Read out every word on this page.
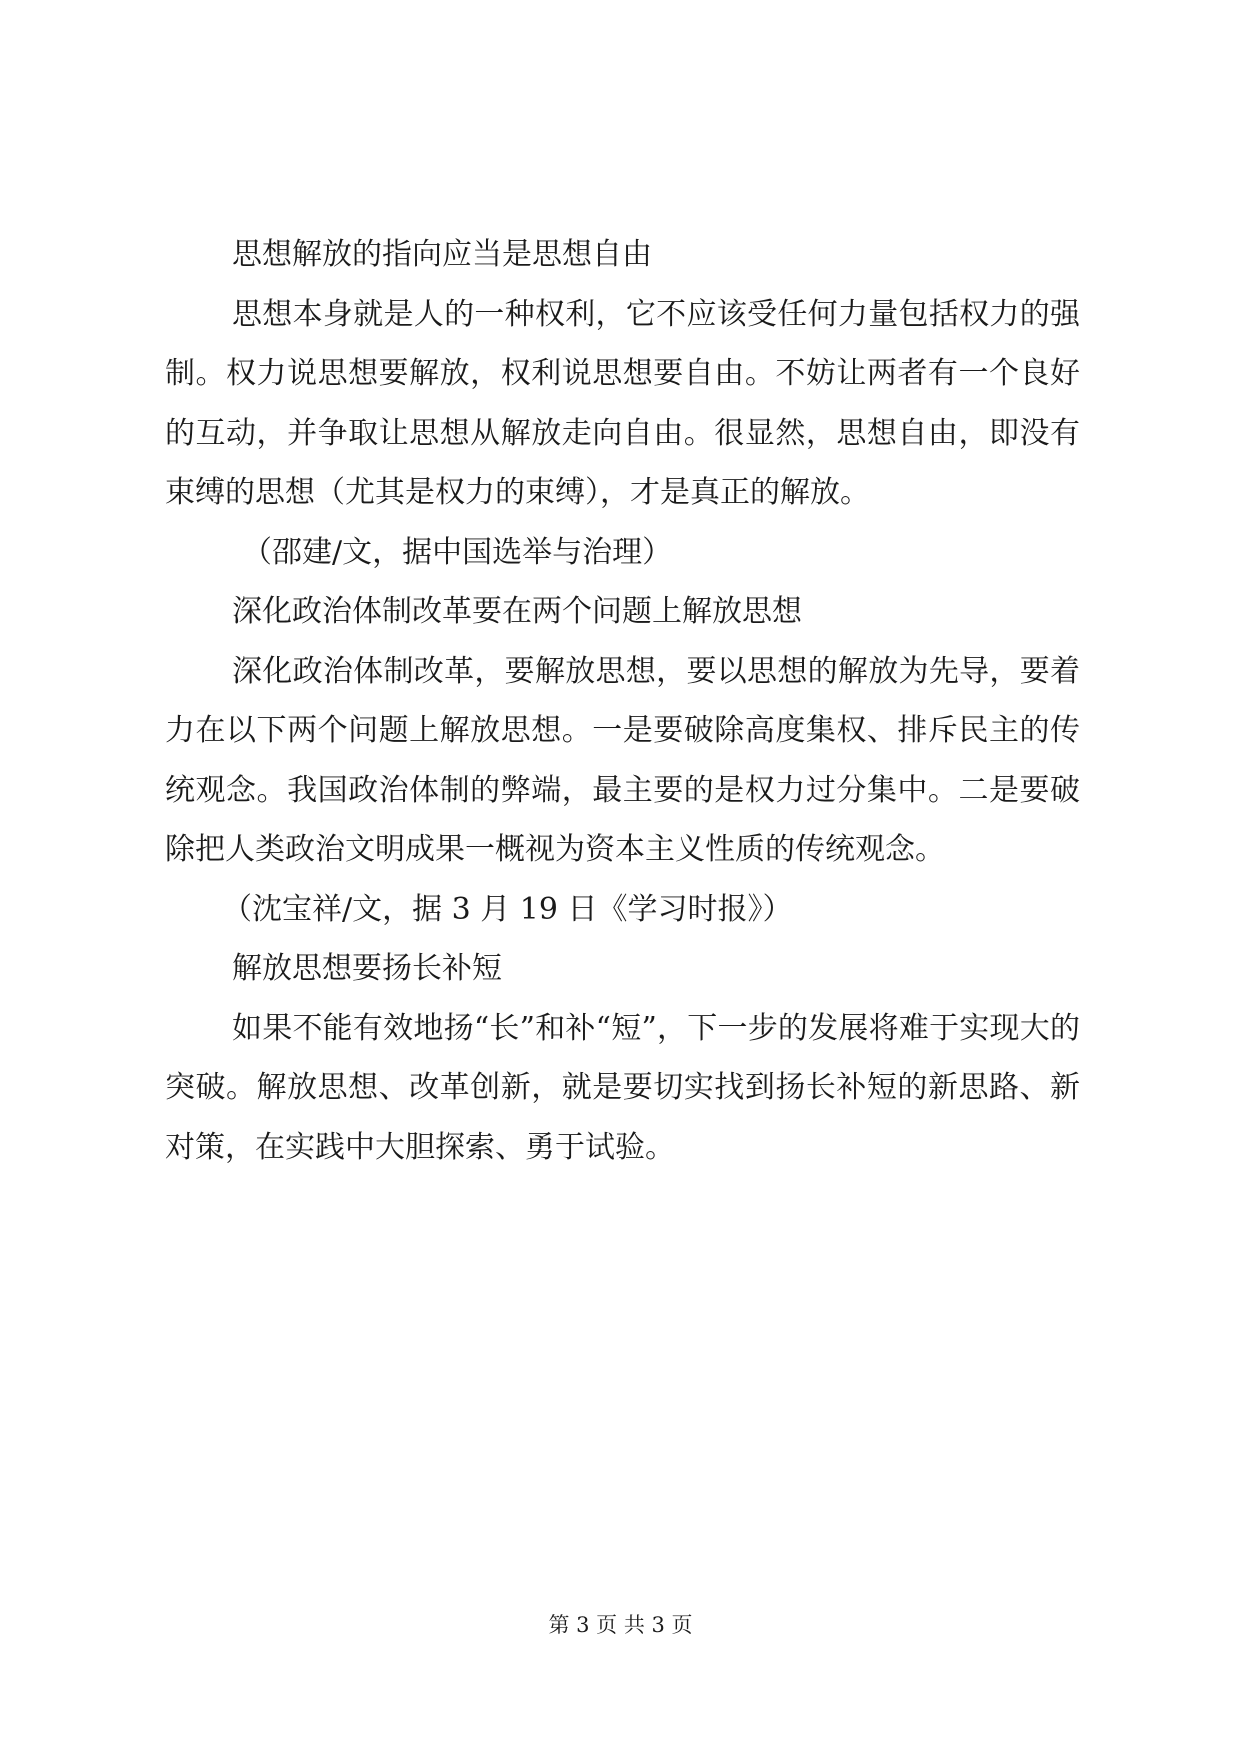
思想解放的指向应当是思想自由

思想本身就是人的一种权利，它不应该受任何力量包括权力的强制。权力说思想要解放，权利说思想要自由。不妨让两者有一个良好的互动，并争取让思想从解放走向自由。很显然，思想自由，即没有束缚的思想（尤其是权力的束缚），才是真正的解放。

（邵建/文，据中国选举与治理）

深化政治体制改革要在两个问题上解放思想

深化政治体制改革，要解放思想，要以思想的解放为先导，要着力在以下两个问题上解放思想。一是要破除高度集权、排斥民主的传统观念。我国政治体制的弊端，最主要的是权力过分集中。二是要破除把人类政治文明成果一概视为资本主义性质的传统观念。

（沈宝祥/文，据 3 月 19 日《学习时报》）

解放思想要扬长补短

如果不能有效地扬“长”和补“短”，下一步的发展将难于实现大的突破。解放思想、改革创新，就是要切实找到扬长补短的新思路、新对策，在实践中大胆探索、勇于试验。

第 3 页 共 3 页
